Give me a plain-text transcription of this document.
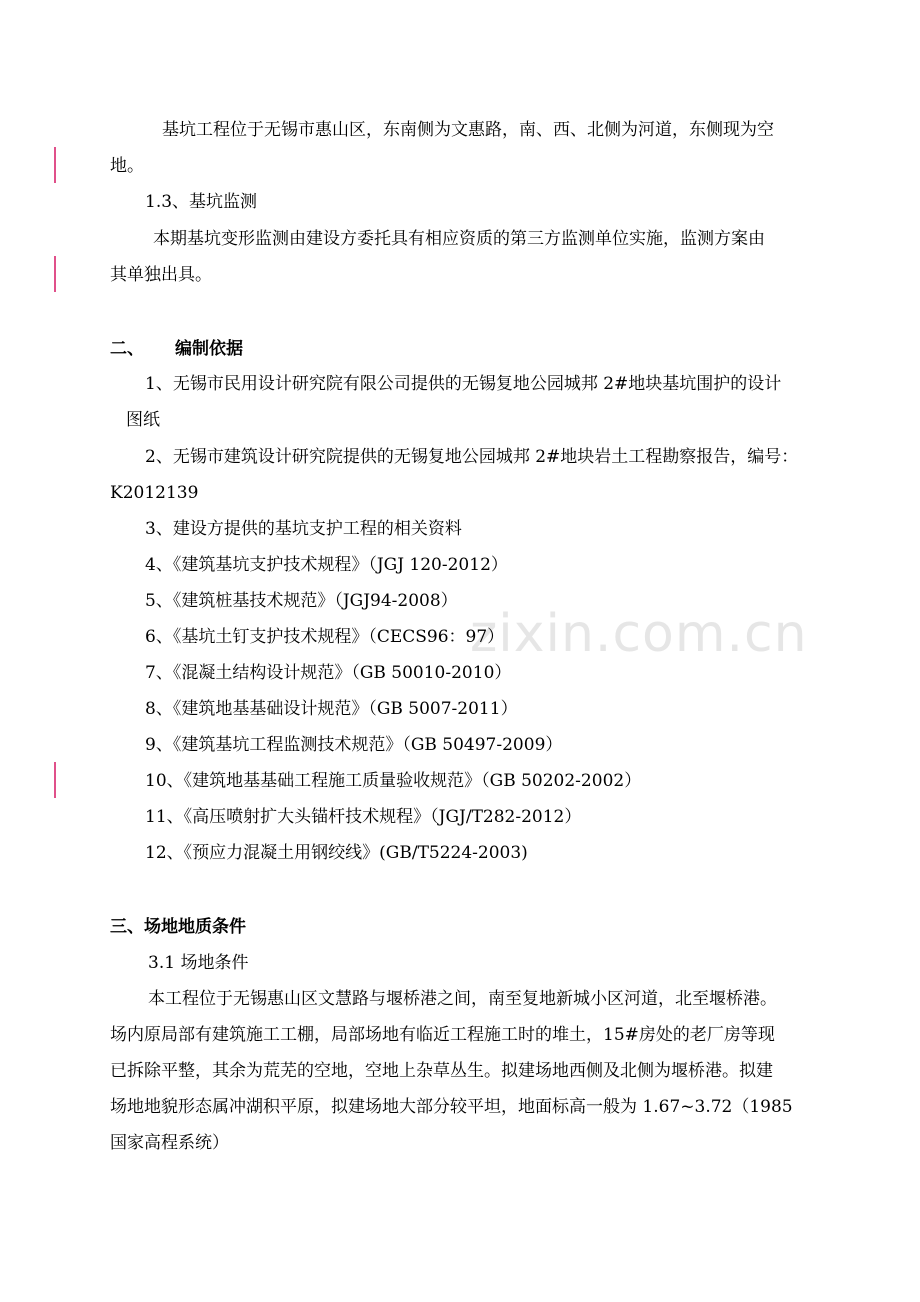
zixin.com.cn
基坑工程位于无锡市惠山区，东南侧为文惠路，南、西、北侧为河道，东侧现为空
地。
1.3、基坑监测
本期基坑变形监测由建设方委托具有相应资质的第三方监测单位实施，监测方案由
其单独出具。
二、 编制依据
1、无锡市民用设计研究院有限公司提供的无锡复地公园城邦 2#地块基坑围护的设计
图纸
2、无锡市建筑设计研究院提供的无锡复地公园城邦 2#地块岩土工程勘察报告，编号：
K2012139
3、建设方提供的基坑支护工程的相关资料
4、《建筑基坑支护技术规程》（JGJ 120-2012）
5、《建筑桩基技术规范》（JGJ94-2008）
6、《基坑土钉支护技术规程》（CECS96：97）
7、《混凝土结构设计规范》（GB 50010-2010）
8、《建筑地基基础设计规范》（GB 5007-2011）
9、《建筑基坑工程监测技术规范》（GB 50497-2009）
10、《建筑地基基础工程施工质量验收规范》（GB 50202-2002）
11、《高压喷射扩大头锚杆技术规程》（JGJ/T282-2012）
12、《预应力混凝土用钢绞线》(GB/T5224-2003)
三、场地地质条件
3.1 场地条件
本工程位于无锡惠山区文慧路与堰桥港之间，南至复地新城小区河道，北至堰桥港。
场内原局部有建筑施工工棚，局部场地有临近工程施工时的堆土，15#房处的老厂房等现
已拆除平整，其余为荒芜的空地，空地上杂草丛生。拟建场地西侧及北侧为堰桥港。拟建
场地地貌形态属冲湖积平原，拟建场地大部分较平坦，地面标高一般为 1.67~3.72（1985
国家高程系统）
